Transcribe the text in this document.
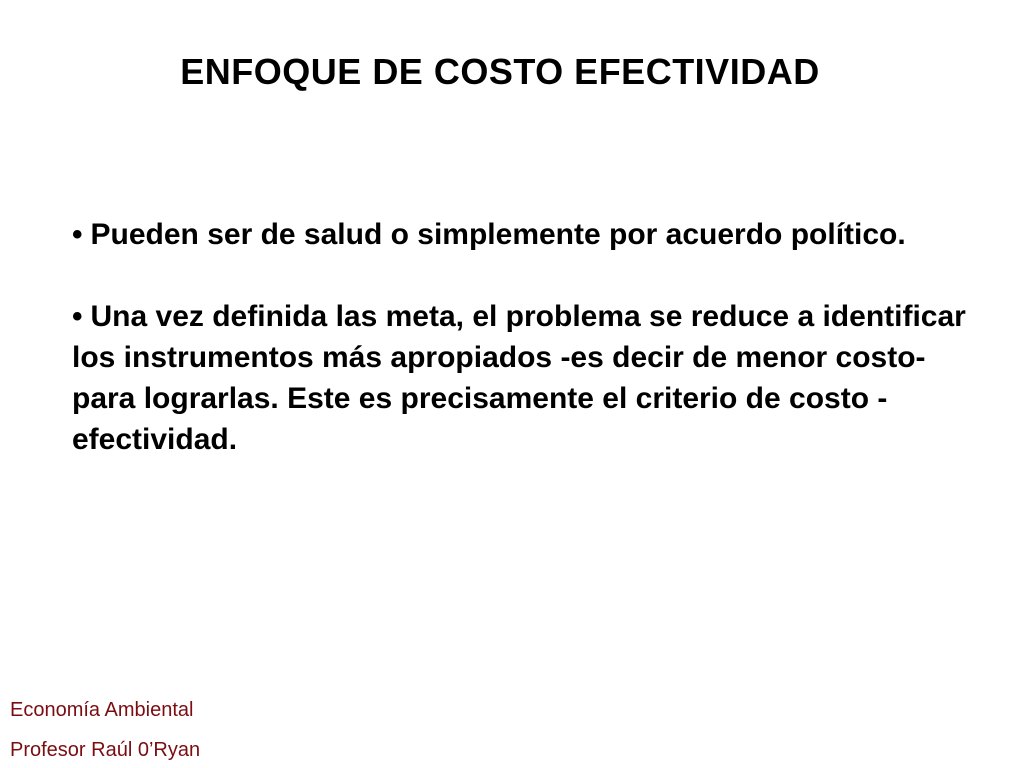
ENFOQUE DE COSTO EFECTIVIDAD

• Pueden ser de salud o simplemente por acuerdo político.

• Una vez definida las meta, el problema se reduce a identificar los instrumentos más apropiados -es decir de menor costo- para lograrlas. Este es precisamente el criterio de costo - efectividad.

Economía Ambiental

Profesor Raúl 0’Ryan
